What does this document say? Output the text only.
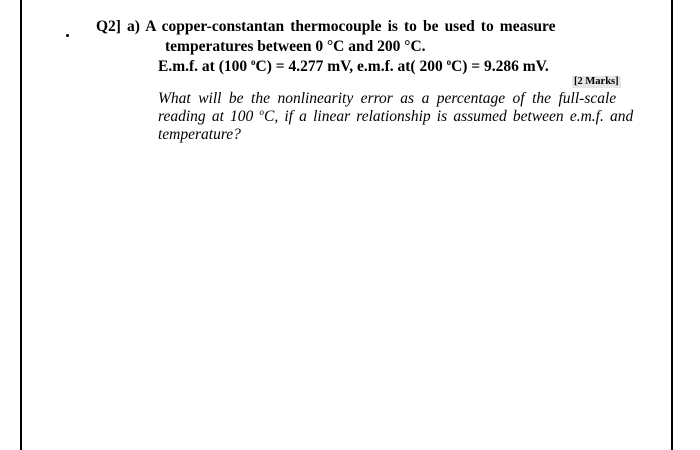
Q2] a) A copper-constantan thermocouple is to be used to measure
temperatures between 0 °C and 200 °C.
E.m.f. at (100 $^o$C) = 4.277 mV, e.m.f. at( 200 $^o$C) = 9.286 mV.
[2 Marks]
What will be the nonlinearity error as a percentage of the full-scale
reading at 100 $^o$C, if a linear relationship is assumed between e.m.f. and
temperature?
